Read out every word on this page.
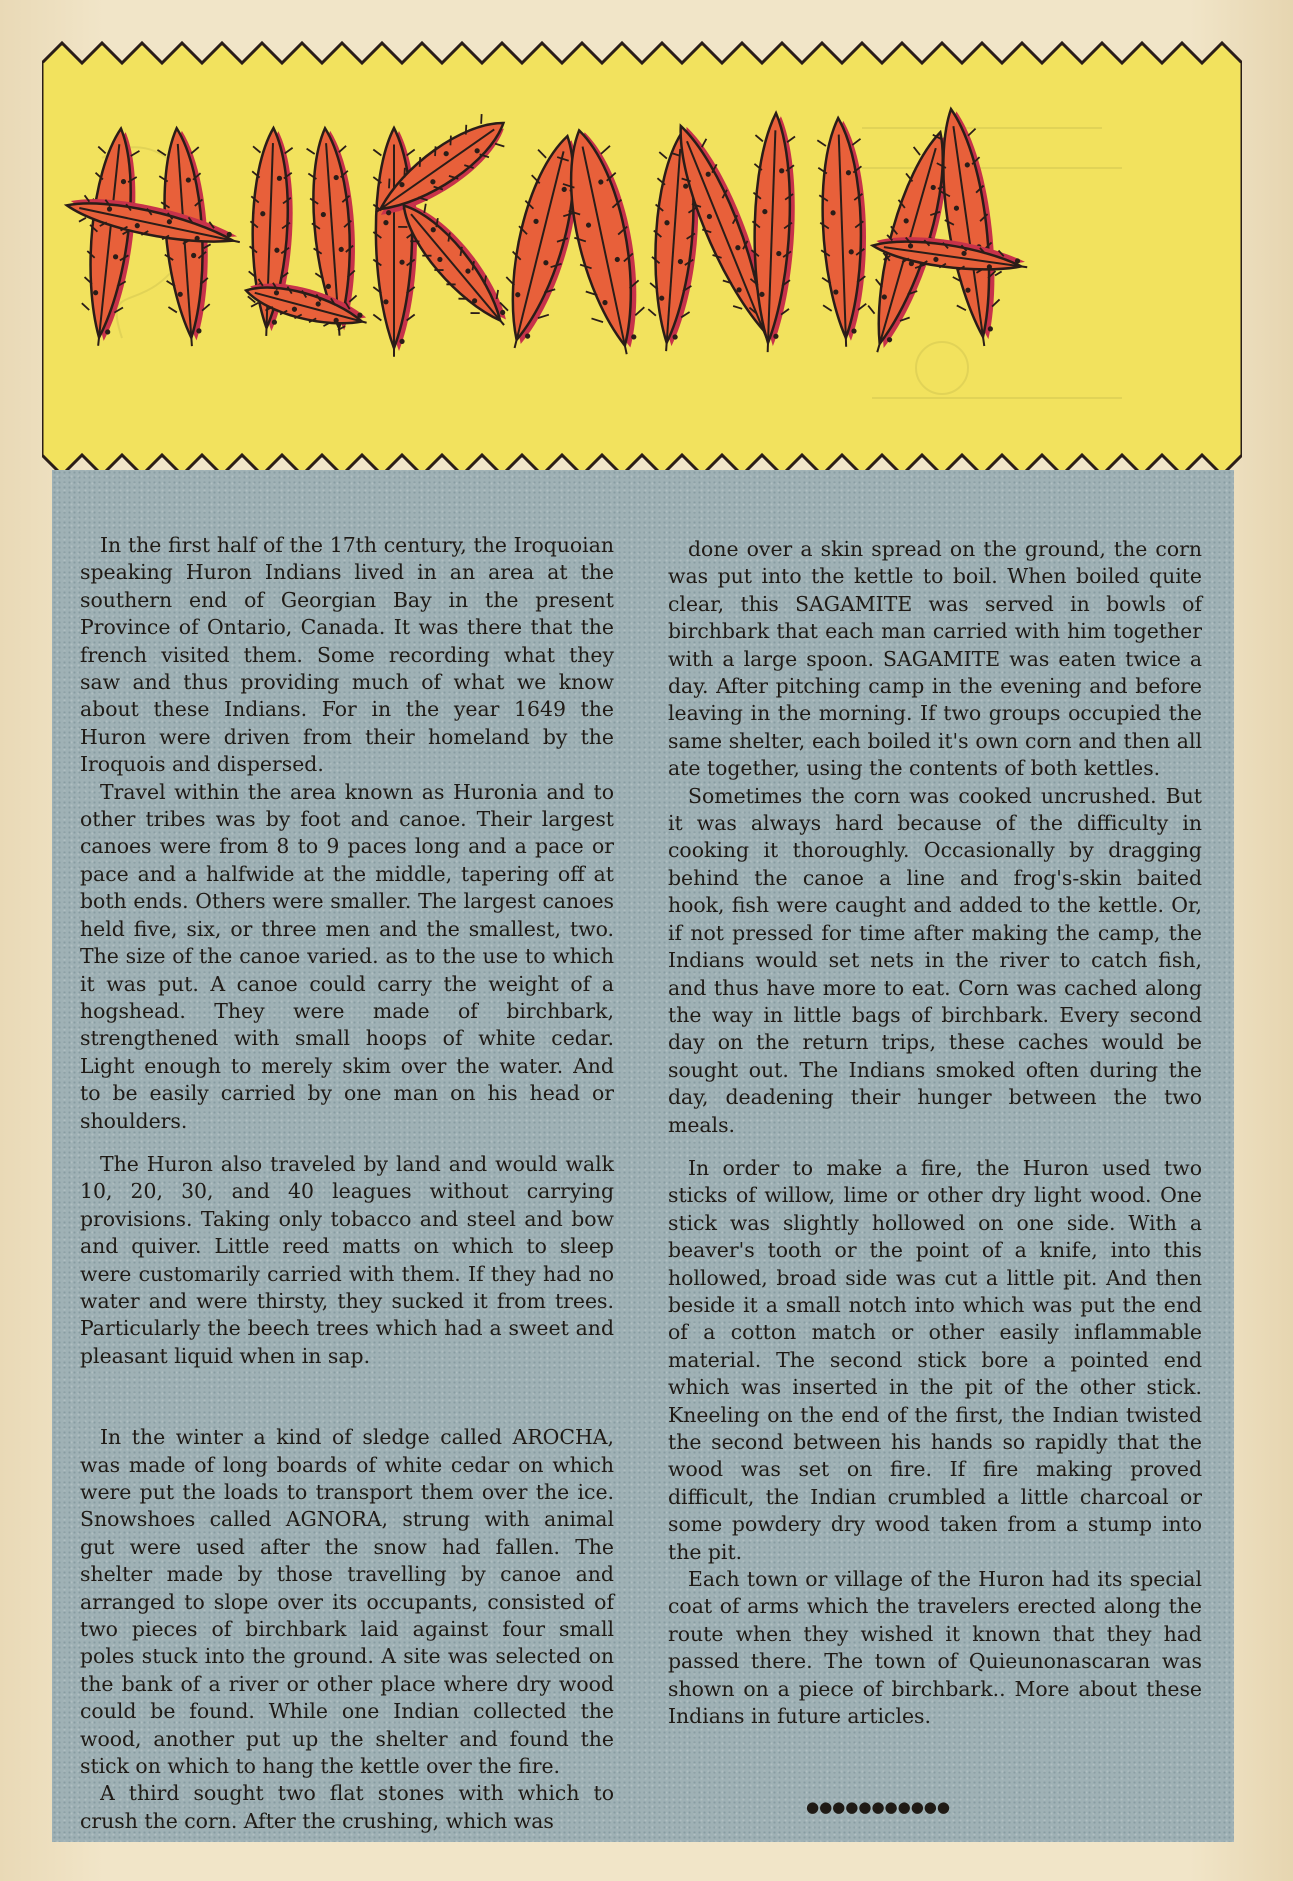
In the first half of the 17th century, the Iroquoian speaking Huron Indians lived in an area at the southern end of Georgian Bay in the present Province of Ontario, Canada. It was there that the french visited them. Some recording what they saw and thus providing much of what we know about these Indians. For in the year 1649 the Huron were driven from their homeland by the Iroquois and dispersed.

Travel within the area known as Huronia and to other tribes was by foot and canoe. Their largest canoes were from 8 to 9 paces long and a pace or pace and a halfwide at the middle, tapering off at both ends. Others were smaller. The largest canoes held five, six, or three men and the smallest, two. The size of the canoe varied. as to the use to which it was put. A canoe could carry the weight of a hogshead. They were made of birchbark, strengthened with small hoops of white cedar. Light enough to merely skim over the water. And to be easily carried by one man on his head or shoulders.

The Huron also traveled by land and would walk 10, 20, 30, and 40 leagues without carrying provisions. Taking only tobacco and steel and bow and quiver. Little reed matts on which to sleep were customarily carried with them. If they had no water and were thirsty, they sucked it from trees. Particularly the beech trees which had a sweet and pleasant liquid when in sap.

In the winter a kind of sledge called AROCHA, was made of long boards of white cedar on which were put the loads to transport them over the ice. Snowshoes called AGNORA, strung with animal gut were used after the snow had fallen. The shelter made by those travelling by canoe and arranged to slope over its occupants, consisted of two pieces of birchbark laid against four small poles stuck into the ground. A site was selected on the bank of a river or other place where dry wood could be found. While one Indian collected the wood, another put up the shelter and found the stick on which to hang the kettle over the fire.

A third sought two flat stones with which to crush the corn. After the crushing, which was

done over a skin spread on the ground, the corn was put into the kettle to boil. When boiled quite clear, this SAGAMITE was served in bowls of birchbark that each man carried with him together with a large spoon. SAGAMITE was eaten twice a day. After pitching camp in the evening and before leaving in the morning. If two groups occupied the same shelter, each boiled it's own corn and then all ate together, using the contents of both kettles.

Sometimes the corn was cooked uncrushed. But it was always hard because of the difficulty in cooking it thoroughly. Occasionally by dragging behind the canoe a line and frog's-skin baited hook, fish were caught and added to the kettle. Or, if not pressed for time after making the camp, the Indians would set nets in the river to catch fish, and thus have more to eat. Corn was cached along the way in little bags of birchbark. Every second day on the return trips, these caches would be sought out. The Indians smoked often during the day, deadening their hunger between the two meals.

In order to make a fire, the Huron used two sticks of willow, lime or other dry light wood. One stick was slightly hollowed on one side. With a beaver's tooth or the point of a knife, into this hollowed, broad side was cut a little pit. And then beside it a small notch into which was put the end of a cotton match or other easily inflammable material. The second stick bore a pointed end which was inserted in the pit of the other stick. Kneeling on the end of the first, the Indian twisted the second between his hands so rapidly that the wood was set on fire. If fire making proved difficult, the Indian crumbled a little charcoal or some powdery dry wood taken from a stump into the pit.

Each town or village of the Huron had its special coat of arms which the travelers erected along the route when they wished it known that they had passed there. The town of Quieunonascaran was shown on a piece of birchbark.. More about these Indians in future articles.

●●●●●●●●●●●
